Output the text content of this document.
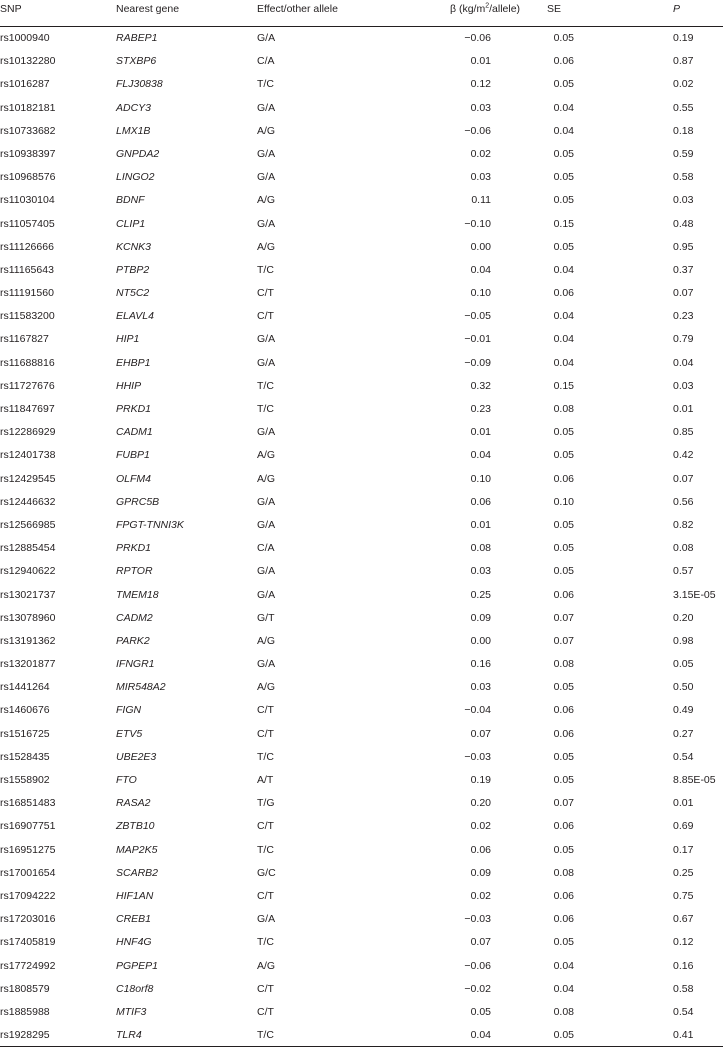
SNP	Nearest gene	Effect/other allele	β $(kg/m^2/allele)$	SE	P
rs1000940	RABEP1	G/A	−0.06	0.05	0.19
rs10132280	STXBP6	C/A	0.01	0.06	0.87
rs1016287	FLJ30838	T/C	0.12	0.05	0.02
rs10182181	ADCY3	G/A	0.03	0.04	0.55
rs10733682	LMX1B	A/G	−0.06	0.04	0.18
rs10938397	GNPDA2	G/A	0.02	0.05	0.59
rs10968576	LINGO2	G/A	0.03	0.05	0.58
rs11030104	BDNF	A/G	0.11	0.05	0.03
rs11057405	CLIP1	G/A	−0.10	0.15	0.48
rs11126666	KCNK3	A/G	0.00	0.05	0.95
rs11165643	PTBP2	T/C	0.04	0.04	0.37
rs11191560	NT5C2	C/T	0.10	0.06	0.07
rs11583200	ELAVL4	C/T	−0.05	0.04	0.23
rs1167827	HIP1	G/A	−0.01	0.04	0.79
rs11688816	EHBP1	G/A	−0.09	0.04	0.04
rs11727676	HHIP	T/C	0.32	0.15	0.03
rs11847697	PRKD1	T/C	0.23	0.08	0.01
rs12286929	CADM1	G/A	0.01	0.05	0.85
rs12401738	FUBP1	A/G	0.04	0.05	0.42
rs12429545	OLFM4	A/G	0.10	0.06	0.07
rs12446632	GPRC5B	G/A	0.06	0.10	0.56
rs12566985	FPGT-TNNI3K	G/A	0.01	0.05	0.82
rs12885454	PRKD1	C/A	0.08	0.05	0.08
rs12940622	RPTOR	G/A	0.03	0.05	0.57
rs13021737	TMEM18	G/A	0.25	0.06	3.15E-05
rs13078960	CADM2	G/T	0.09	0.07	0.20
rs13191362	PARK2	A/G	0.00	0.07	0.98
rs13201877	IFNGR1	G/A	0.16	0.08	0.05
rs1441264	MIR548A2	A/G	0.03	0.05	0.50
rs1460676	FIGN	C/T	−0.04	0.06	0.49
rs1516725	ETV5	C/T	0.07	0.06	0.27
rs1528435	UBE2E3	T/C	−0.03	0.05	0.54
rs1558902	FTO	A/T	0.19	0.05	8.85E-05
rs16851483	RASA2	T/G	0.20	0.07	0.01
rs16907751	ZBTB10	C/T	0.02	0.06	0.69
rs16951275	MAP2K5	T/C	0.06	0.05	0.17
rs17001654	SCARB2	G/C	0.09	0.08	0.25
rs17094222	HIF1AN	C/T	0.02	0.06	0.75
rs17203016	CREB1	G/A	−0.03	0.06	0.67
rs17405819	HNF4G	T/C	0.07	0.05	0.12
rs17724992	PGPEP1	A/G	−0.06	0.04	0.16
rs1808579	C18orf8	C/T	−0.02	0.04	0.58
rs1885988	MTIF3	C/T	0.05	0.08	0.54
rs1928295	TLR4	T/C	0.04	0.05	0.41
